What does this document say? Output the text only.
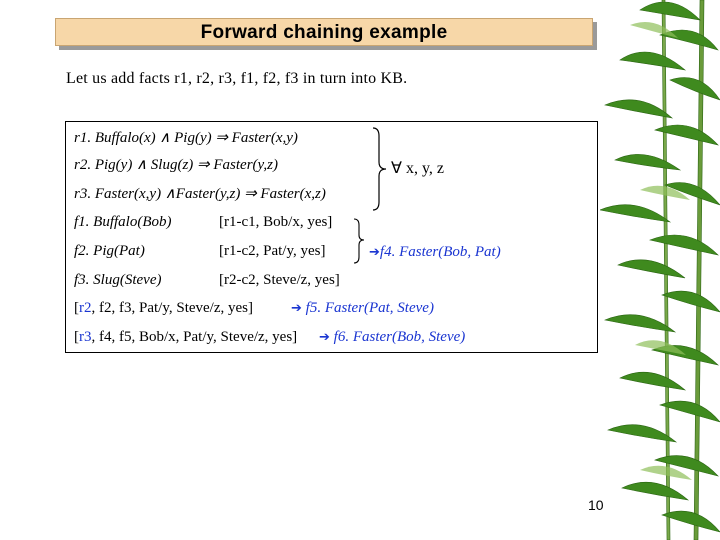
Forward chaining example
Let us add facts r1, r2, r3, f1, f2, f3 in turn into KB.
r1. Buffalo(x) ∧ Pig(y) ⇒ Faster(x,y)
r2. Pig(y) ∧ Slug(z) ⇒ Faster(y,z)
r3. Faster(x,y) ∧Faster(y,z) ⇒ Faster(x,z)
∀ x, y, z
f1. Buffalo(Bob)	[r1-c1, Bob/x, yes]
f2. Pig(Pat)	[r1-c2, Pat/y, yes]
f3. Slug(Steve)	[r2-c2, Steve/z, yes]
➔f4. Faster(Bob, Pat)
[r2, f2, f3, Pat/y, Steve/z, yes]	➔ f5. Faster(Pat, Steve)
[r3, f4, f5, Bob/x, Pat/y, Steve/z, yes] ➔ f6. Faster(Bob, Steve)
10
